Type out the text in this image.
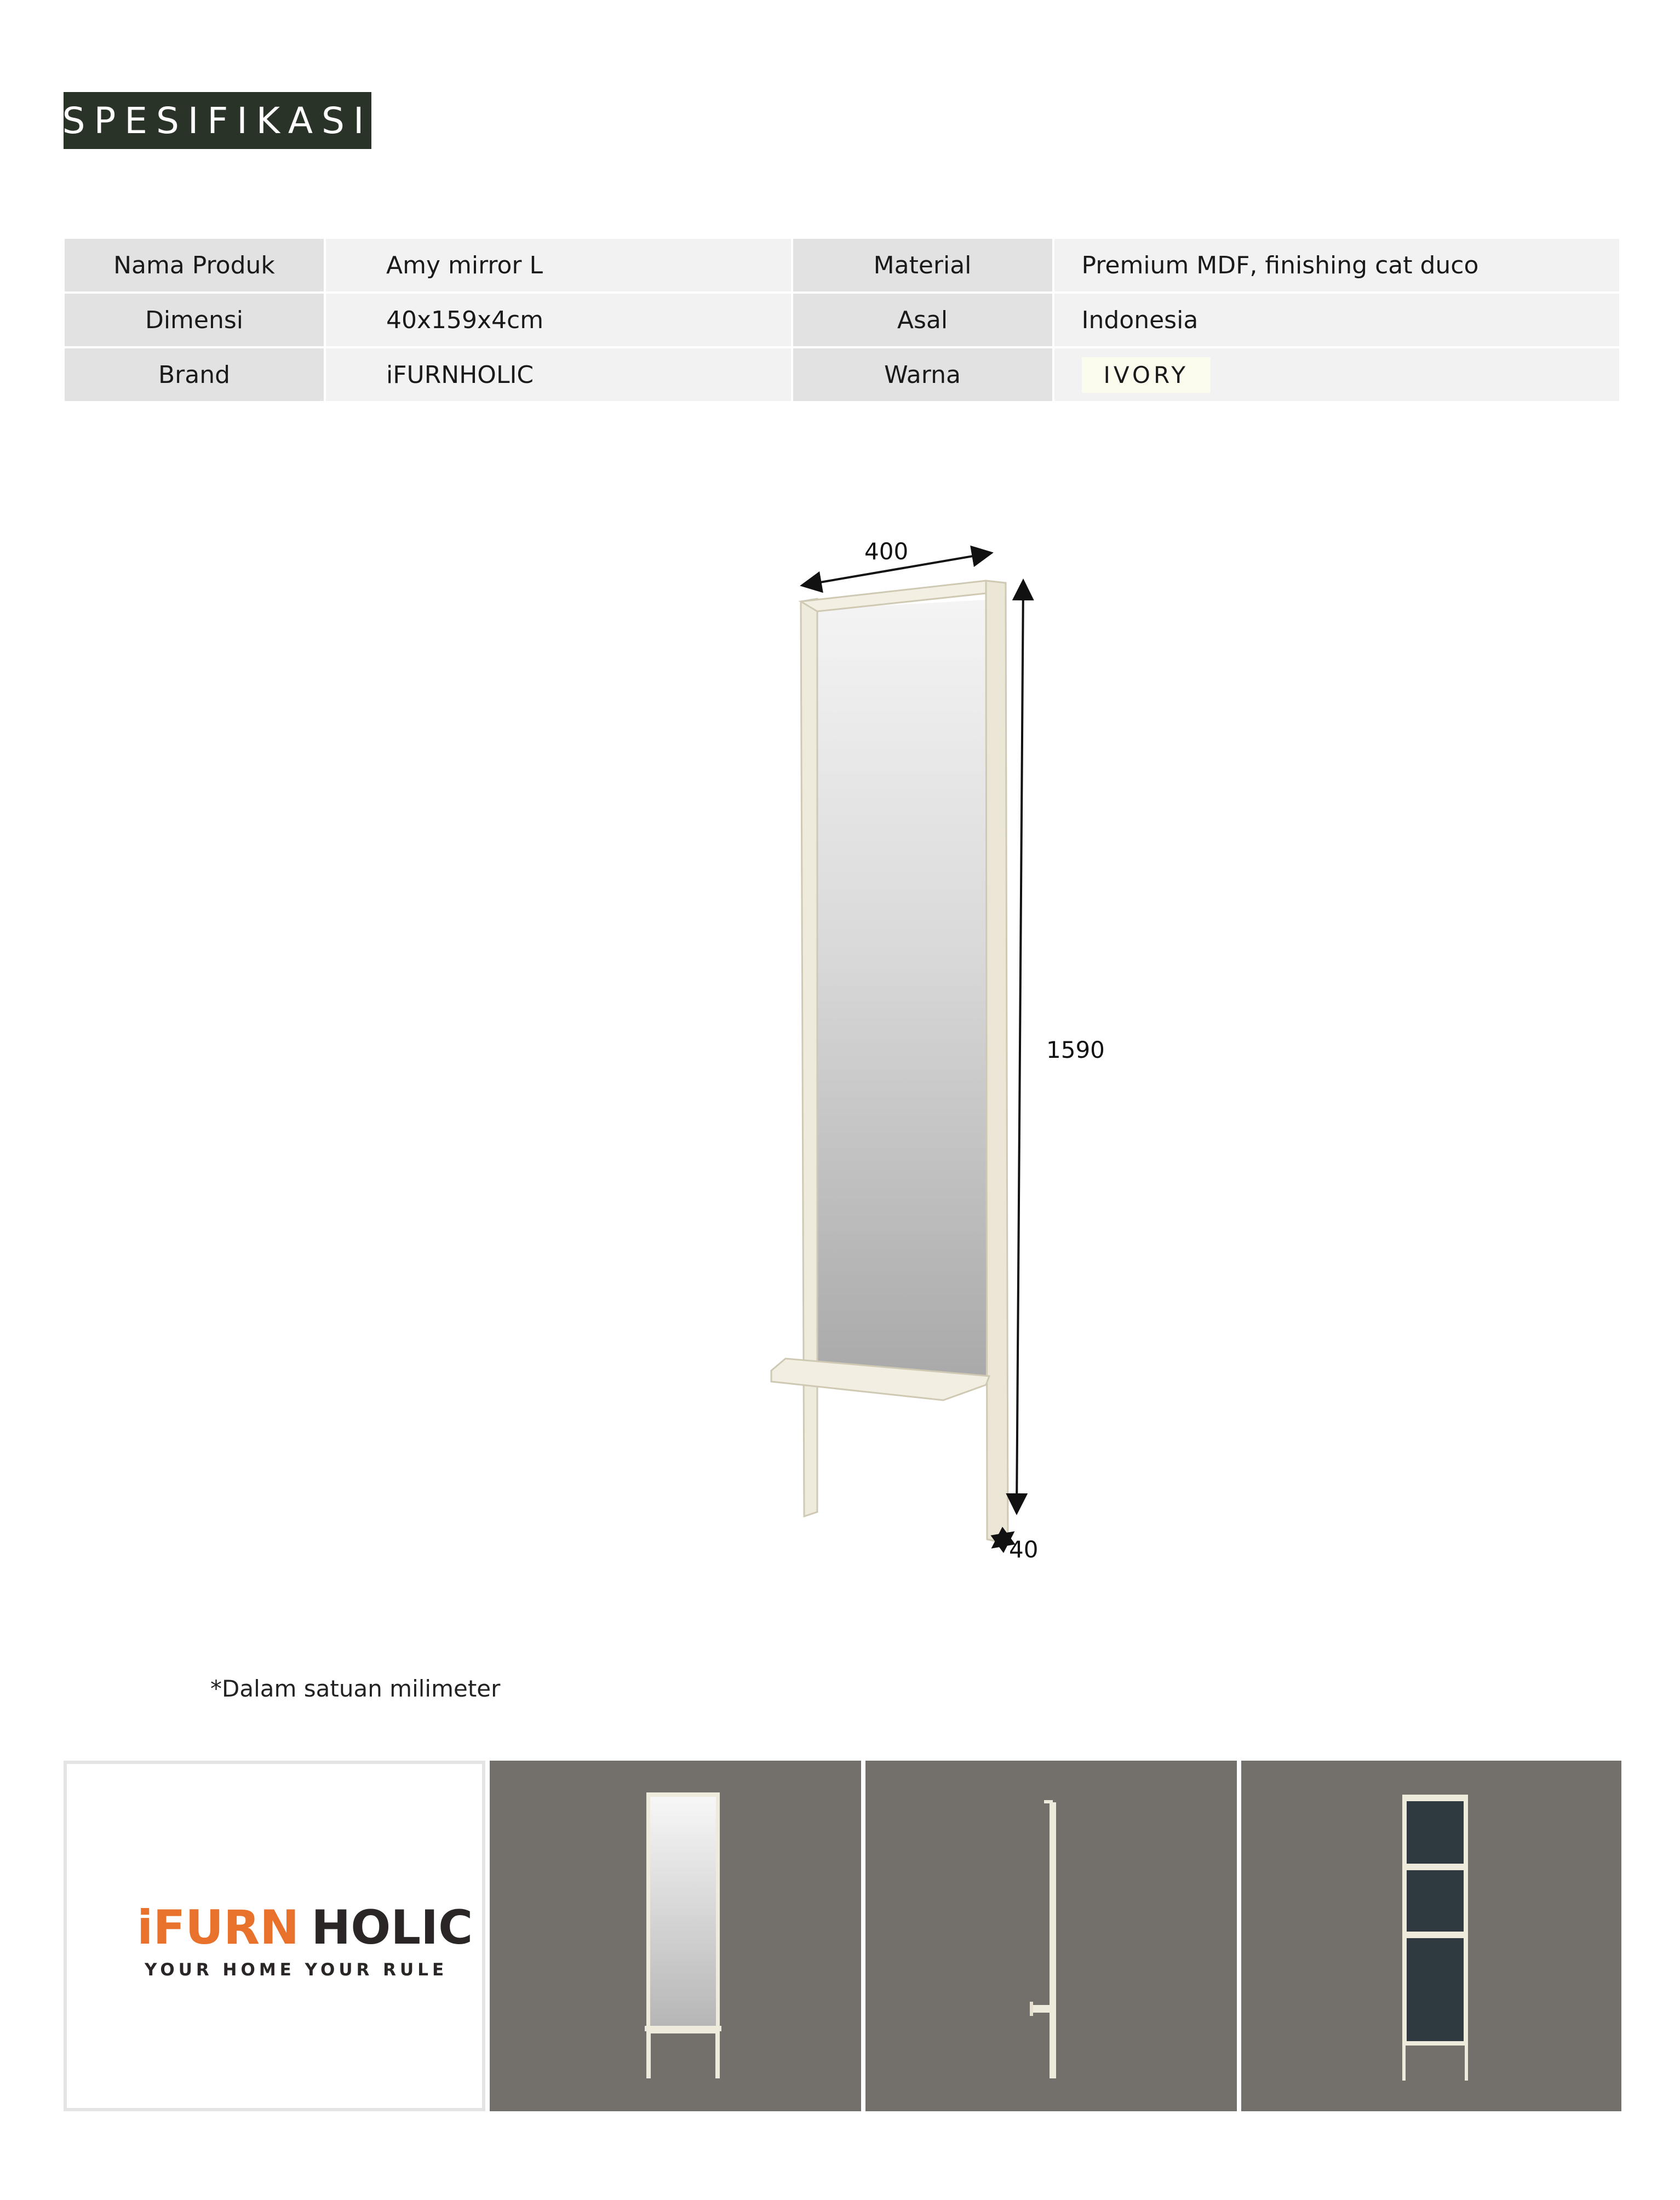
SPESIFIKASI
Nama Produk	Amy mirror L	Material	Premium MDF, finishing cat duco
Dimensi	40x159x4cm	Asal	Indonesia
Brand	iFURNHOLIC	Warna	IVORY
400
1590
40
*Dalam satuan milimeter
iFURN HOLIC
YOUR HOME YOUR RULE
